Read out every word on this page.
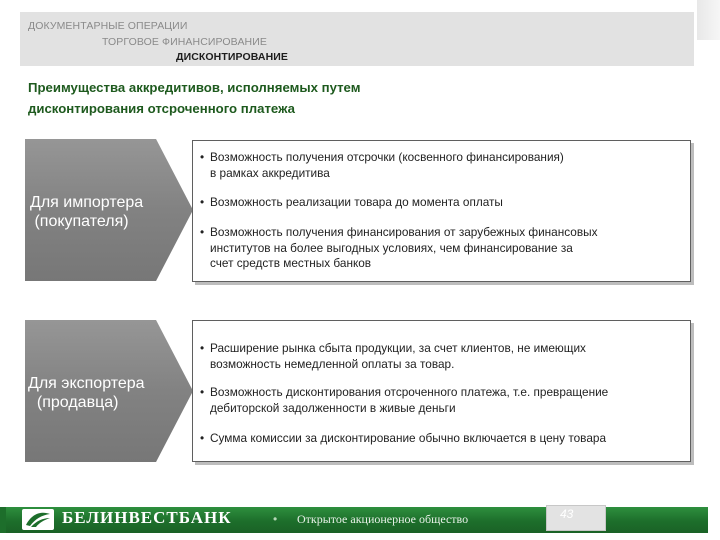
ДОКУМЕНТАРНЫЕ ОПЕРАЦИИ
ТОРГОВОЕ ФИНАНСИРОВАНИЕ
ДИСКОНТИРОВАНИЕ
Преимущества аккредитивов, исполняемых путем
дисконтирования отсроченного платежа
Для импортера
(покупателя)
• Возможность получения отсрочки (косвенного финансирования)
в рамках аккредитива
• Возможность реализации товара до момента оплаты
• Возможность получения финансирования от зарубежных финансовых
институтов на более выгодных условиях, чем финансирование за
счет средств местных банков
Для экспортера
(продавца)
• Расширение рынка сбыта продукции, за счет клиентов, не имеющих
возможность немедленной оплаты за товар.
• Возможность дисконтирования отсроченного платежа, т.е. превращение
дебиторской задолженности в живые деньги
• Сумма комиссии за дисконтирование обычно включается в цену товара
БЕЛИНВЕСТБАНК	• Открытое акционерное общество	43
